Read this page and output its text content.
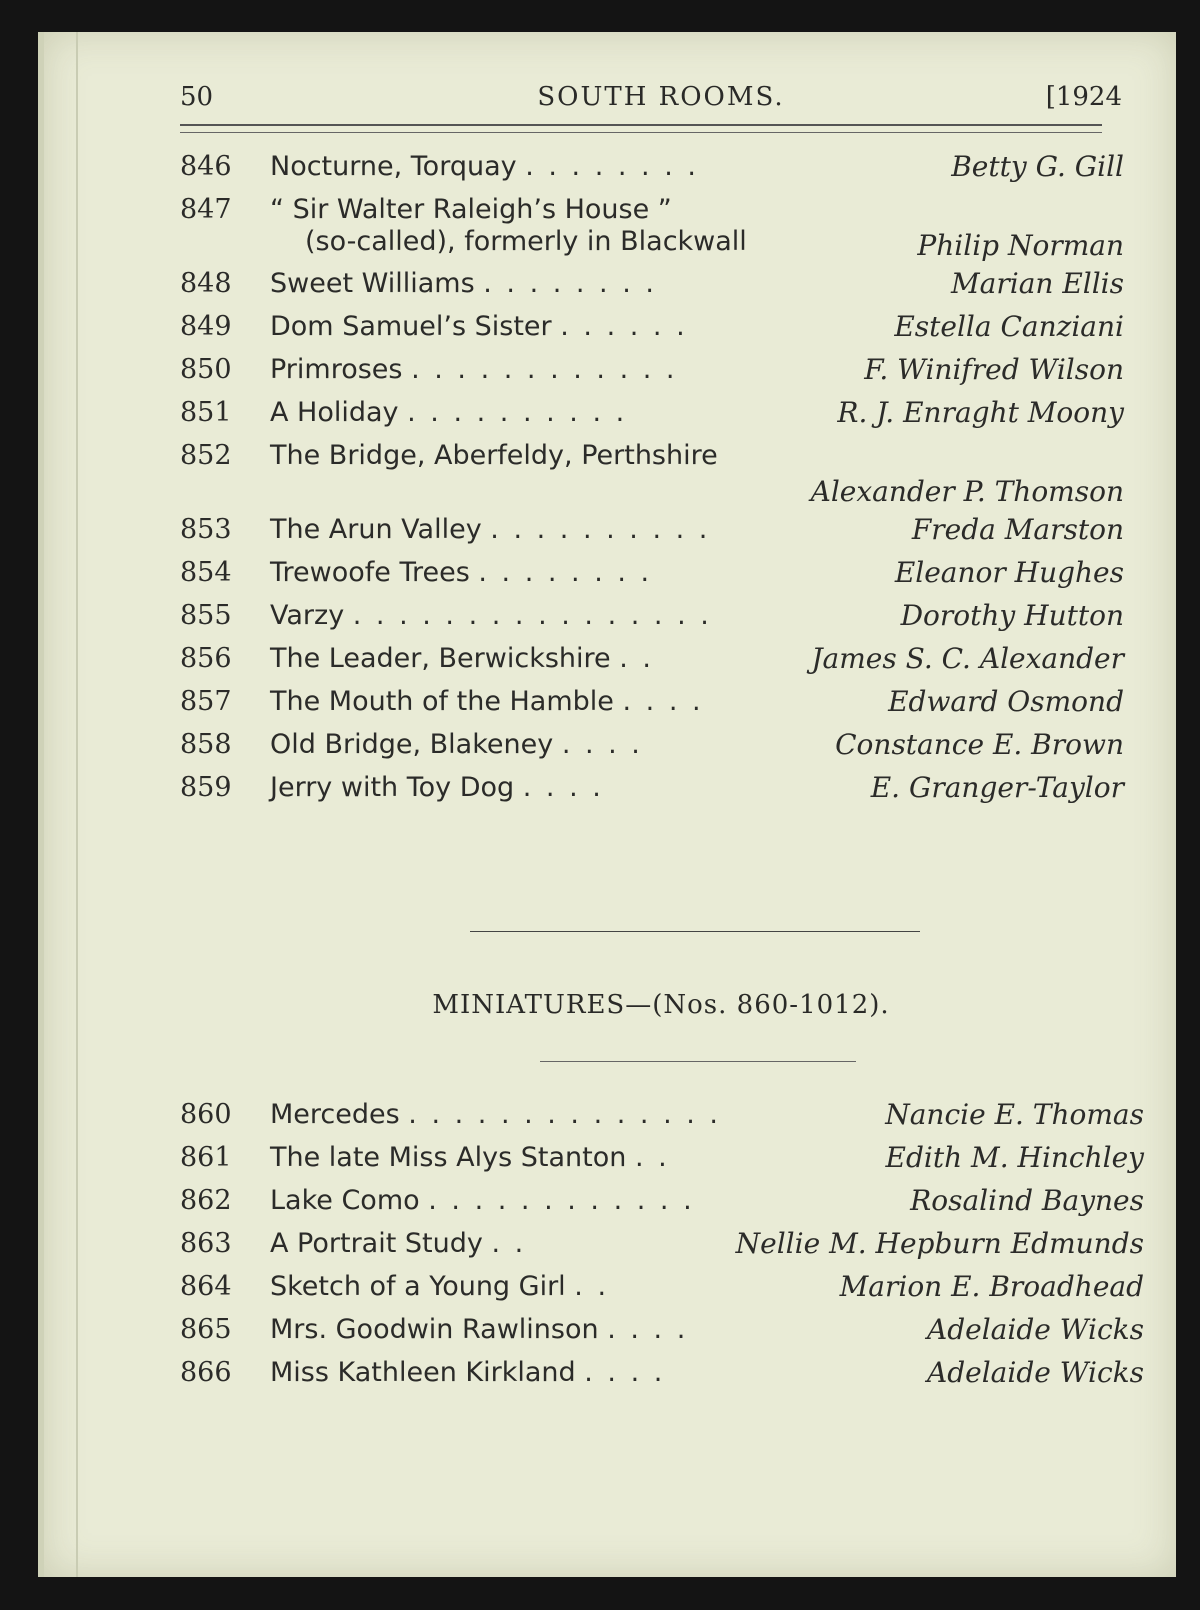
50	SOUTH ROOMS.	[1924
846	Nocturne, Torquay . . . . . . . .	Betty G. Gill
847	“ Sir Walter Raleigh’s House ”
(so-called), formerly in Blackwall	Philip Norman
848	Sweet Williams . . . . . . . .	Marian Ellis
849	Dom Samuel’s Sister . . . . . .	Estella Canziani
850	Primroses . . . . . . . . . . . .	F. Winifred Wilson
851	A Holiday . . . . . . . . . .	R. J. Enraght Moony
852	The Bridge, Aberfeldy, Perthshire
Alexander P. Thomson
853	The Arun Valley . . . . . . . . . .	Freda Marston
854	Trewoofe Trees . . . . . . . .	Eleanor Hughes
855	Varzy . . . . . . . . . . . . . . . .	Dorothy Hutton
856	The Leader, Berwickshire . .	James S. C. Alexander
857	The Mouth of the Hamble . . . .	Edward Osmond
858	Old Bridge, Blakeney . . . .	Constance E. Brown
859	Jerry with Toy Dog . . . .	E. Granger-Taylor
MINIATURES—(Nos. 860-1012).
860	Mercedes . . . . . . . . . . . . . .	Nancie E. Thomas
861	The late Miss Alys Stanton . .	Edith M. Hinchley
862	Lake Como . . . . . . . . . . . .	Rosalind Baynes
863	A Portrait Study . .	Nellie M. Hepburn Edmunds
864	Sketch of a Young Girl . .	Marion E. Broadhead
865	Mrs. Goodwin Rawlinson . . . .	Adelaide Wicks
866	Miss Kathleen Kirkland . . . .	Adelaide Wicks
